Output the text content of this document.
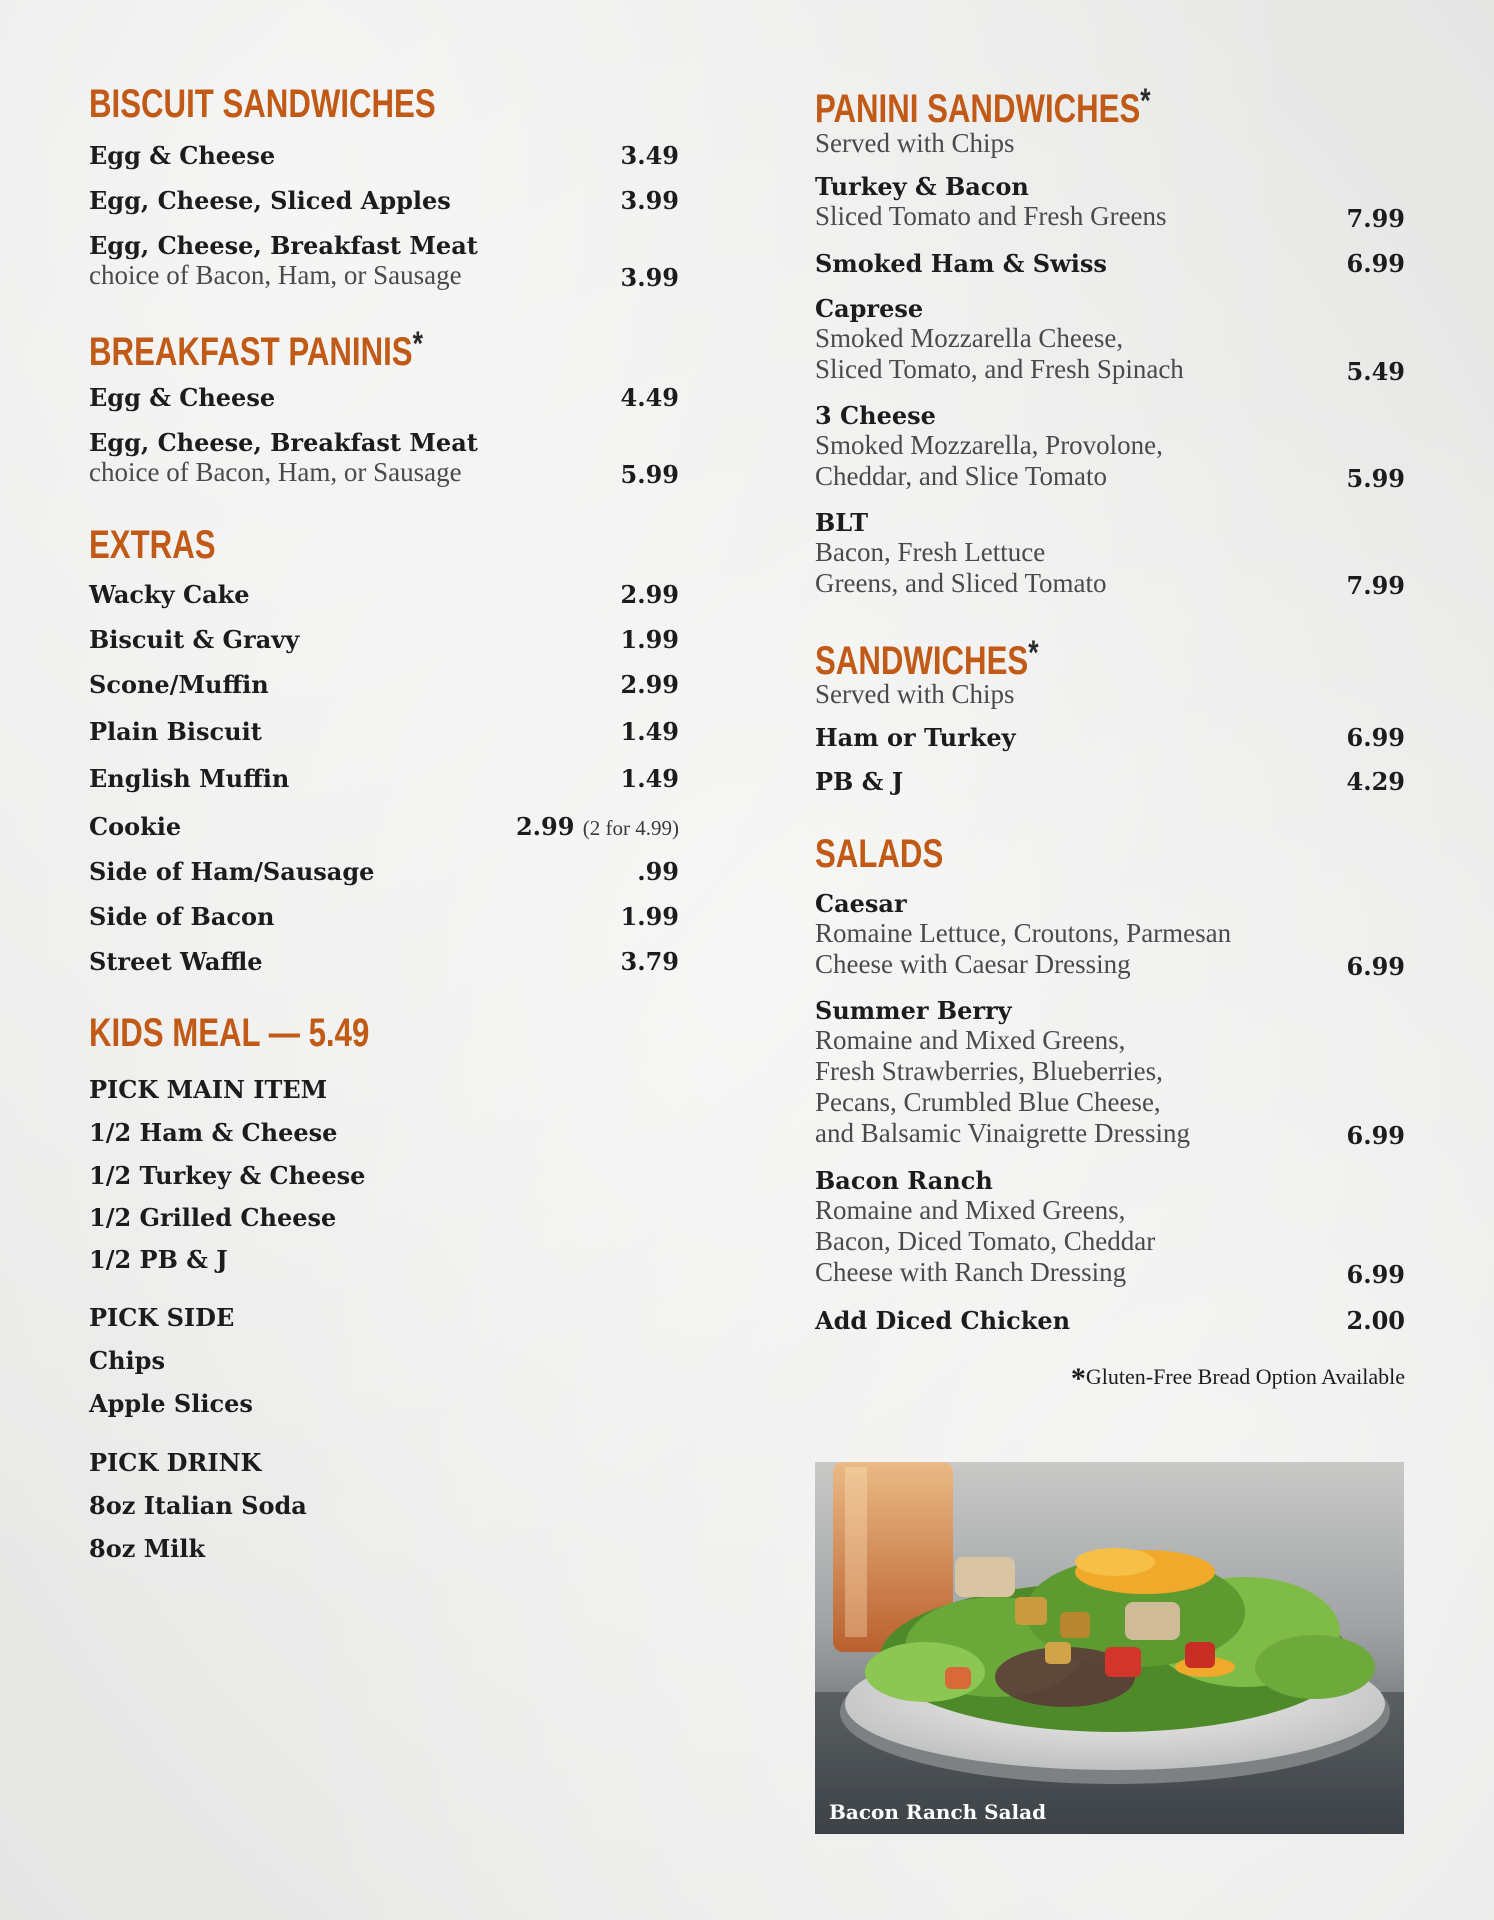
BISCUIT SANDWICHES
Egg & Cheese	3.49
Egg, Cheese, Sliced Apples	3.99
Egg, Cheese, Breakfast Meat
choice of Bacon, Ham, or Sausage	3.99
BREAKFAST PANINIS*
Egg & Cheese	4.49
Egg, Cheese, Breakfast Meat
choice of Bacon, Ham, or Sausage	5.99
EXTRAS
Wacky Cake	2.99
Biscuit & Gravy	1.99
Scone/Muffin	2.99
Plain Biscuit	1.49
English Muffin	1.49
Cookie	2.99 (2 for 4.99)
Side of Ham/Sausage	.99
Side of Bacon	1.99
Street Waffle	3.79
KIDS MEAL — 5.49
PICK MAIN ITEM
1/2 Ham & Cheese
1/2 Turkey & Cheese
1/2 Grilled Cheese
1/2 PB & J
PICK SIDE
Chips
Apple Slices
PICK DRINK
8oz Italian Soda
8oz Milk
PANINI SANDWICHES*
Served with Chips
Turkey & Bacon
Sliced Tomato and Fresh Greens	7.99
Smoked Ham & Swiss	6.99
Caprese
Smoked Mozzarella Cheese,
Sliced Tomato, and Fresh Spinach	5.49
3 Cheese
Smoked Mozzarella, Provolone,
Cheddar, and Slice Tomato	5.99
BLT
Bacon, Fresh Lettuce
Greens, and Sliced Tomato	7.99
SANDWICHES*
Served with Chips
Ham or Turkey	6.99
PB & J	4.29
SALADS
Caesar
Romaine Lettuce, Croutons, Parmesan
Cheese with Caesar Dressing	6.99
Summer Berry
Romaine and Mixed Greens,
Fresh Strawberries, Blueberries,
Pecans, Crumbled Blue Cheese,
and Balsamic Vinaigrette Dressing	6.99
Bacon Ranch
Romaine and Mixed Greens,
Bacon, Diced Tomato, Cheddar
Cheese with Ranch Dressing	6.99
Add Diced Chicken	2.00
*Gluten-Free Bread Option Available
Bacon Ranch Salad
